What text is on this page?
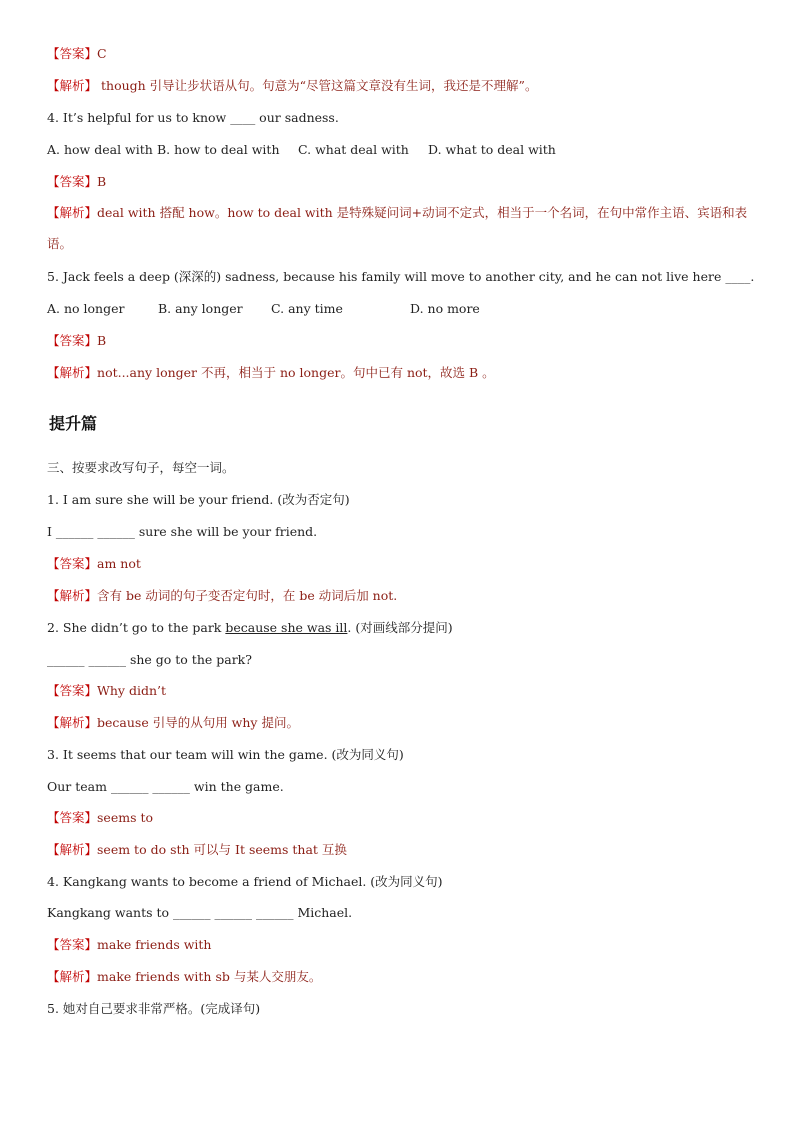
【答案】C
【解析】 though 引导让步状语从句。句意为“尽管这篇文章没有生词，我还是不理解”。
4. It’s helpful for us to know ____ our sadness.
A. how deal with B. how to deal with C. what deal with D. what to deal with
【答案】B
【解析】deal with 搭配 how。how to deal with 是特殊疑问词+动词不定式，相当于一个名词，在句中常作主语、宾语和表语。
5. Jack feels a deep (深深的) sadness, because his family will move to another city, and he can not live here ____.
A. no longer	B. any longer C. any time	D. no more
【答案】B
【解析】not...any longer 不再，相当于 no longer。句中已有 not，故选 B 。
提升篇
三、按要求改写句子，每空一词。
1. I am sure she will be your friend. (改为否定句)
I ______ ______ sure she will be your friend.
【答案】am not
【解析】含有 be 动词的句子变否定句时，在 be 动词后加 not.
2. She didn’t go to the park because she was ill. (对画线部分提问)
______ ______ she go to the park?
【答案】Why didn’t
【解析】because 引导的从句用 why 提问。
3. It seems that our team will win the game. (改为同义句)
Our team ______ ______ win the game.
【答案】seems to
【解析】seem to do sth 可以与 It seems that 互换
4. Kangkang wants to become a friend of Michael. (改为同义句)
Kangkang wants to ______ ______ ______ Michael.
【答案】make friends with
【解析】make friends with sb 与某人交朋友。
5. 她对自己要求非常严格。(完成译句)
